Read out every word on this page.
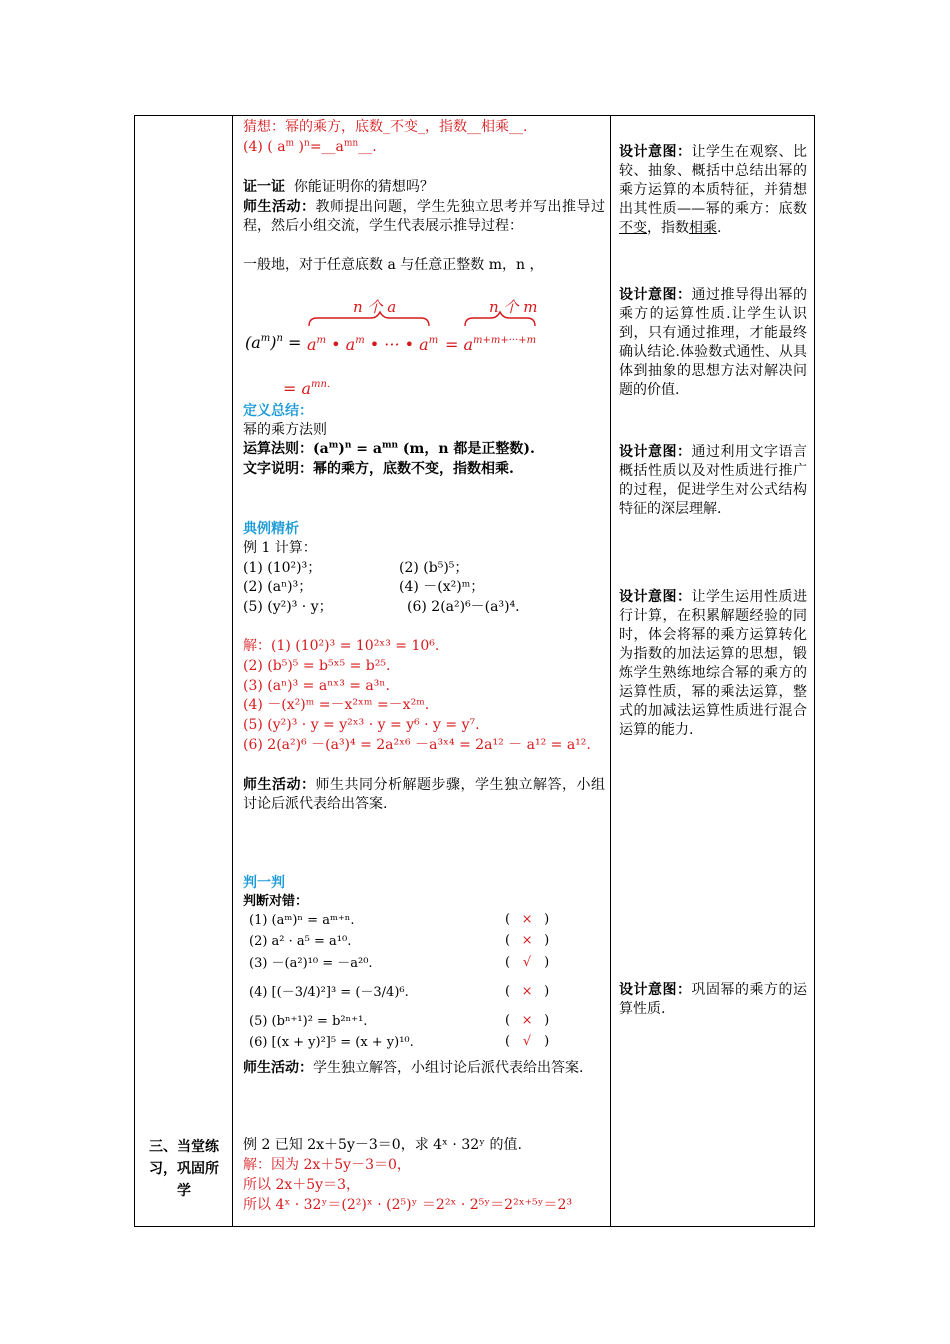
三、当堂练习，巩固所学
猜想：幂的乘方，底数_不变_，指数__相乘__.
(4) ( $a^m$ )$^n=\_\_a^{mn}\_\_$.
证一证 你能证明你的猜想吗？
师生活动：教师提出问题，学生先独立思考并写出推导过程，然后小组交流，学生代表展示推导过程：
一般地，对于任意底数 a 与任意正整数 m，n ，
n 个 a	n 个 m
$(a^m)^n = a^m$ • $a^m$ • ··· • $a^m = a^{m+m+\cdot\cdot\cdot+m}$
= $a^{mn.}$
定义总结：
幂的乘方法则
运算法则：$(a^m)^n = a^{mn}$ (m，n 都是正整数).
文字说明：幂的乘方，底数不变，指数相乘.
典例精析
例 1 计算：
(1) (10²)³；	(2) (b⁵)⁵；
(2) (aⁿ)³；	(4) －(x²)ᵐ；
(5) (y²)³ · y；	(6) 2(a²)⁶－(a³)⁴.
解：(1) (10²)³ = 10²ˣ³ = 10⁶.
(2) (b⁵)⁵ = b⁵ˣ⁵ = b²⁵.
(3) (aⁿ)³ = aⁿˣ³ = a³ⁿ.
(4) －(x²)ᵐ =－x²ˣᵐ =－x²ᵐ.
(5) (y²)³ · y = y²ˣ³ · y = y⁶ · y = y⁷.
(6) 2(a²)⁶ －(a³)⁴ = 2a²ˣ⁶ －a³ˣ⁴ = 2a¹² － a¹² = a¹².
师生活动：师生共同分析解题步骤，学生独立解答，小组讨论后派代表给出答案.
判一判
判断对错：
(1) (aᵐ)ⁿ = aᵐ⁺ⁿ.	( × )
(2) a² · a⁵ = a¹⁰.	( × )
(3) －(a²)¹⁰ = －a²⁰.	( √ )
(4) [(－3/4)²]³ = (－3/4)⁶.	( × )
(5) (bⁿ⁺¹)² = b²ⁿ⁺¹.	( × )
(6) [(x + y)²]⁵ = (x + y)¹⁰.	( √ )
师生活动：学生独立解答，小组讨论后派代表给出答案.
例 2 已知 2x＋5y－3＝0，求 4ˣ · 32ʸ 的值.
解：因为 2x＋5y－3＝0，
所以 2x＋5y＝3，
所以 4ˣ · 32ʸ＝(2²)ˣ · (2⁵)ʸ ＝2²ˣ · 2⁵ʸ＝2²ˣ⁺⁵ʸ＝2³
设计意图：让学生在观察、比较、抽象、概括中总结出幂的乘方运算的本质特征，并猜想出其性质——幂的乘方：底数不变，指数相乘.
设计意图：通过推导得出幂的乘方的运算性质.让学生认识到，只有通过推理，才能最终确认结论.体验数式通性、从具体到抽象的思想方法对解决问题的价值.
设计意图：通过利用文字语言概括性质以及对性质进行推广的过程，促进学生对公式结构特征的深层理解.
设计意图：让学生运用性质进行计算，在积累解题经验的同时，体会将幂的乘方运算转化为指数的加法运算的思想，锻炼学生熟练地综合幂的乘方的运算性质，幂的乘法运算，整式的加减法运算性质进行混合运算的能力.
设计意图：巩固幂的乘方的运算性质.
